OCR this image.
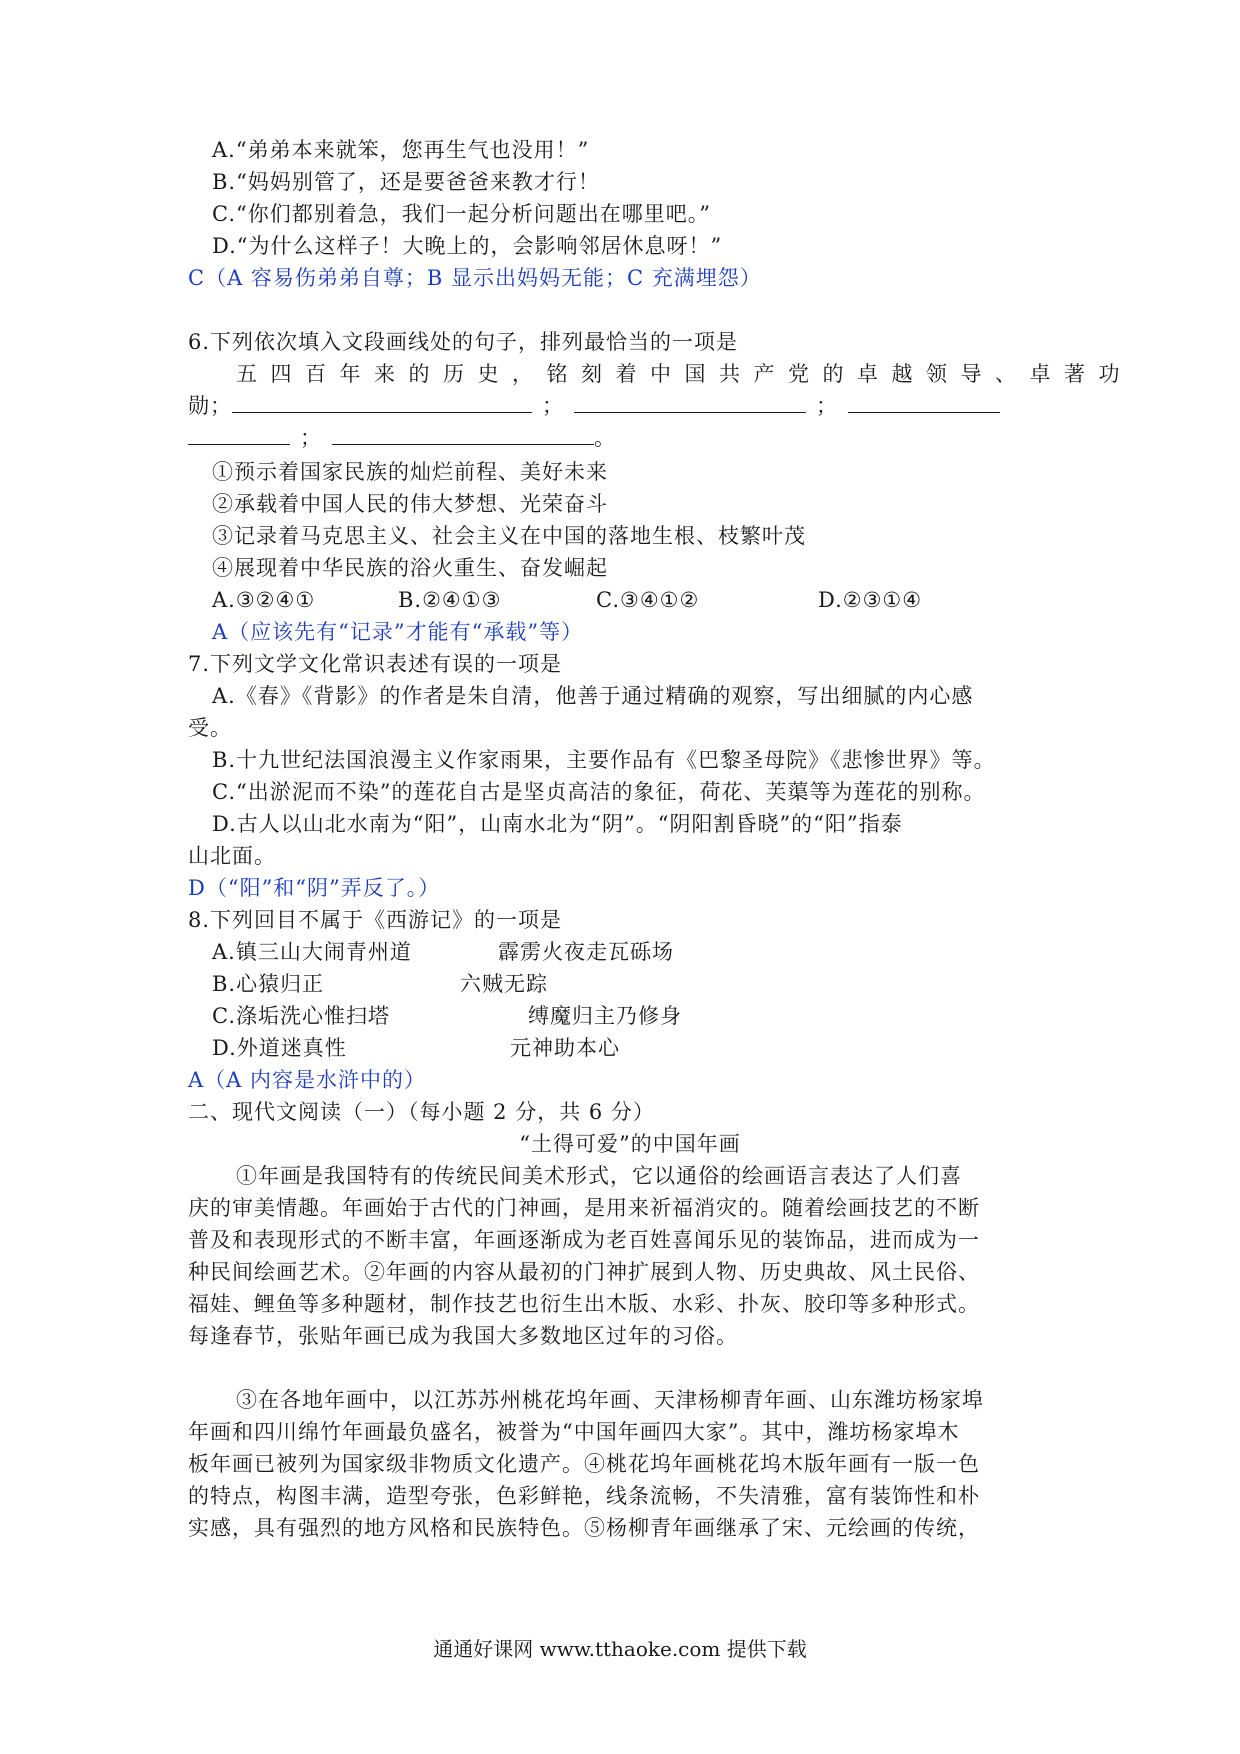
A.“弟弟本来就笨，您再生气也没用！”
B.“妈妈别管了，还是要爸爸来教才行！
C.“你们都别着急，我们一起分析问题出在哪里吧。”
D.“为什么这样子！大晚上的，会影响邻居休息呀！”
C（A 容易伤弟弟自尊；B 显示出妈妈无能；C 充满埋怨）
6.下列依次填入文段画线处的句子，排列最恰当的一项是
五四百年来的历史，铭刻着中国共产党的卓越领导、卓著功
勋；	；	；
；	。
①预示着国家民族的灿烂前程、美好未来
②承载着中国人民的伟大梦想、光荣奋斗
③记录着马克思主义、社会主义在中国的落地生根、枝繁叶茂
④展现着中华民族的浴火重生、奋发崛起
A.③②④①	B.②④①③	C.③④①②	D.②③①④
A（应该先有“记录”才能有“承载”等）
7.下列文学文化常识表述有误的一项是
A.《春》《背影》的作者是朱自清，他善于通过精确的观察，写出细腻的内心感
受。
B.十九世纪法国浪漫主义作家雨果，主要作品有《巴黎圣母院》《悲惨世界》等。
C.“出淤泥而不染”的莲花自古是坚贞高洁的象征，荷花、芙蕖等为莲花的别称。
D.古人以山北水南为“阳”，山南水北为“阴”。“阴阳割昏晓”的“阳”指泰
山北面。
D（“阳”和“阴”弄反了。）
8.下列回目不属于《西游记》的一项是
A.镇三山大闹青州道	霹雳火夜走瓦砾场
B.心猿归正	六贼无踪
C.涤垢洗心惟扫塔	缚魔归主乃修身
D.外道迷真性	元神助本心
A（A 内容是水浒中的）
二、现代文阅读（一）（每小题 2 分，共 6 分）
“土得可爱”的中国年画
①年画是我国特有的传统民间美术形式，它以通俗的绘画语言表达了人们喜
庆的审美情趣。年画始于古代的门神画，是用来祈福消灾的。随着绘画技艺的不断
普及和表现形式的不断丰富，年画逐渐成为老百姓喜闻乐见的装饰品，进而成为一
种民间绘画艺术。②年画的内容从最初的门神扩展到人物、历史典故、风土民俗、
福娃、鲤鱼等多种题材，制作技艺也衍生出木版、水彩、扑灰、胶印等多种形式。
每逢春节，张贴年画已成为我国大多数地区过年的习俗。
③在各地年画中，以江苏苏州桃花坞年画、天津杨柳青年画、山东潍坊杨家埠
年画和四川绵竹年画最负盛名，被誉为“中国年画四大家”。其中，潍坊杨家埠木
板年画已被列为国家级非物质文化遗产。④桃花坞年画桃花坞木版年画有一版一色
的特点，构图丰满，造型夸张，色彩鲜艳，线条流畅，不失清雅，富有装饰性和朴
实感，具有强烈的地方风格和民族特色。⑤杨柳青年画继承了宋、元绘画的传统，
通通好课网 www.tthaoke.com 提供下载
